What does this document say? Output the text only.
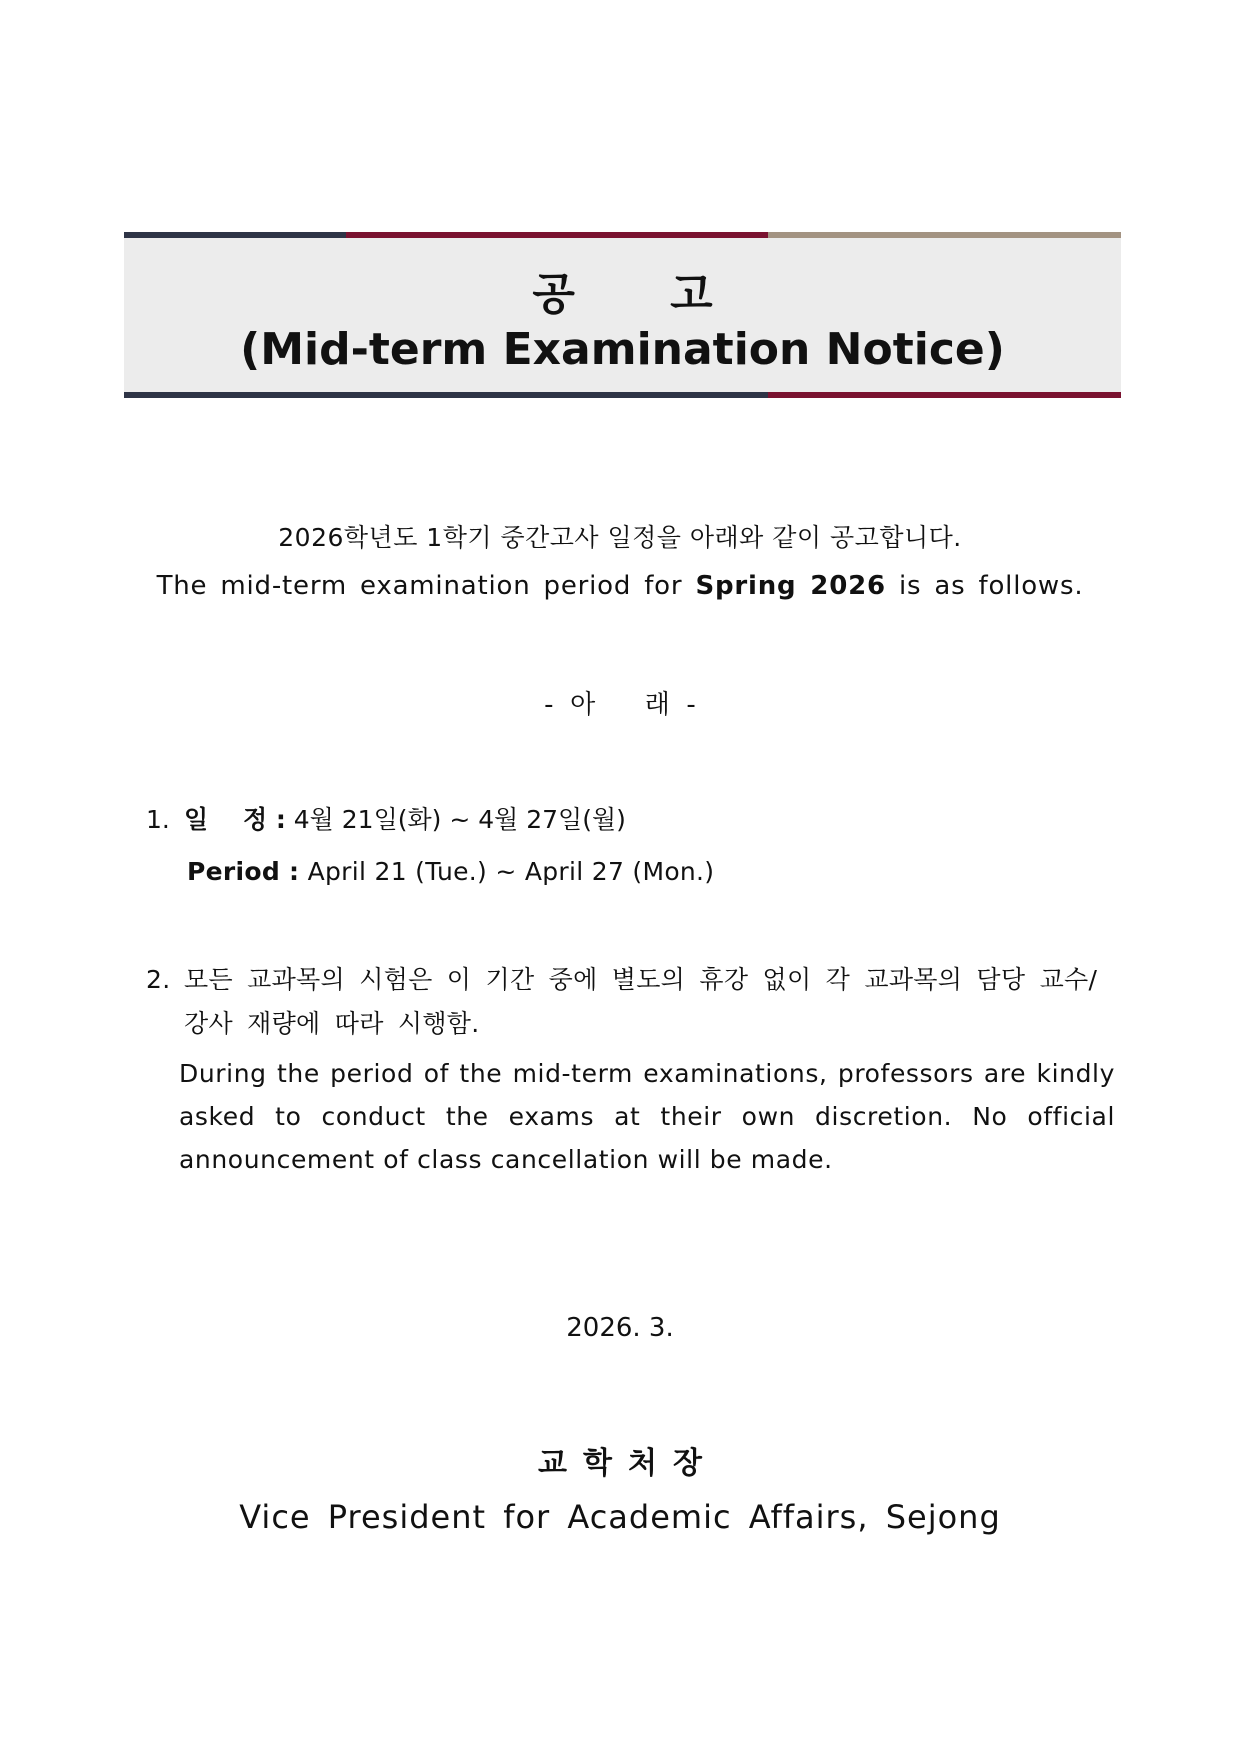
공 고
(Mid-term Examination Notice)
2026학년도 1학기 중간고사 일정을 아래와 같이 공고합니다.
The mid-term examination period for Spring 2026 is as follows.
-  아      래  -
1. 일    정 : 4월 21일(화) ~ 4월 27일(월)
Period : April 21 (Tue.) ~ April 27 (Mon.)
2. 모든 교과목의 시험은 이 기간 중에 별도의 휴강 없이 각 교과목의 담당 교수/
강사 재량에 따라 시행함.
During the period of the mid-term examinations, professors are kindly asked to conduct the exams at their own discretion. No official announcement of class cancellation will be made.
2026. 3.
교학처장
Vice President for Academic Affairs, Sejong
